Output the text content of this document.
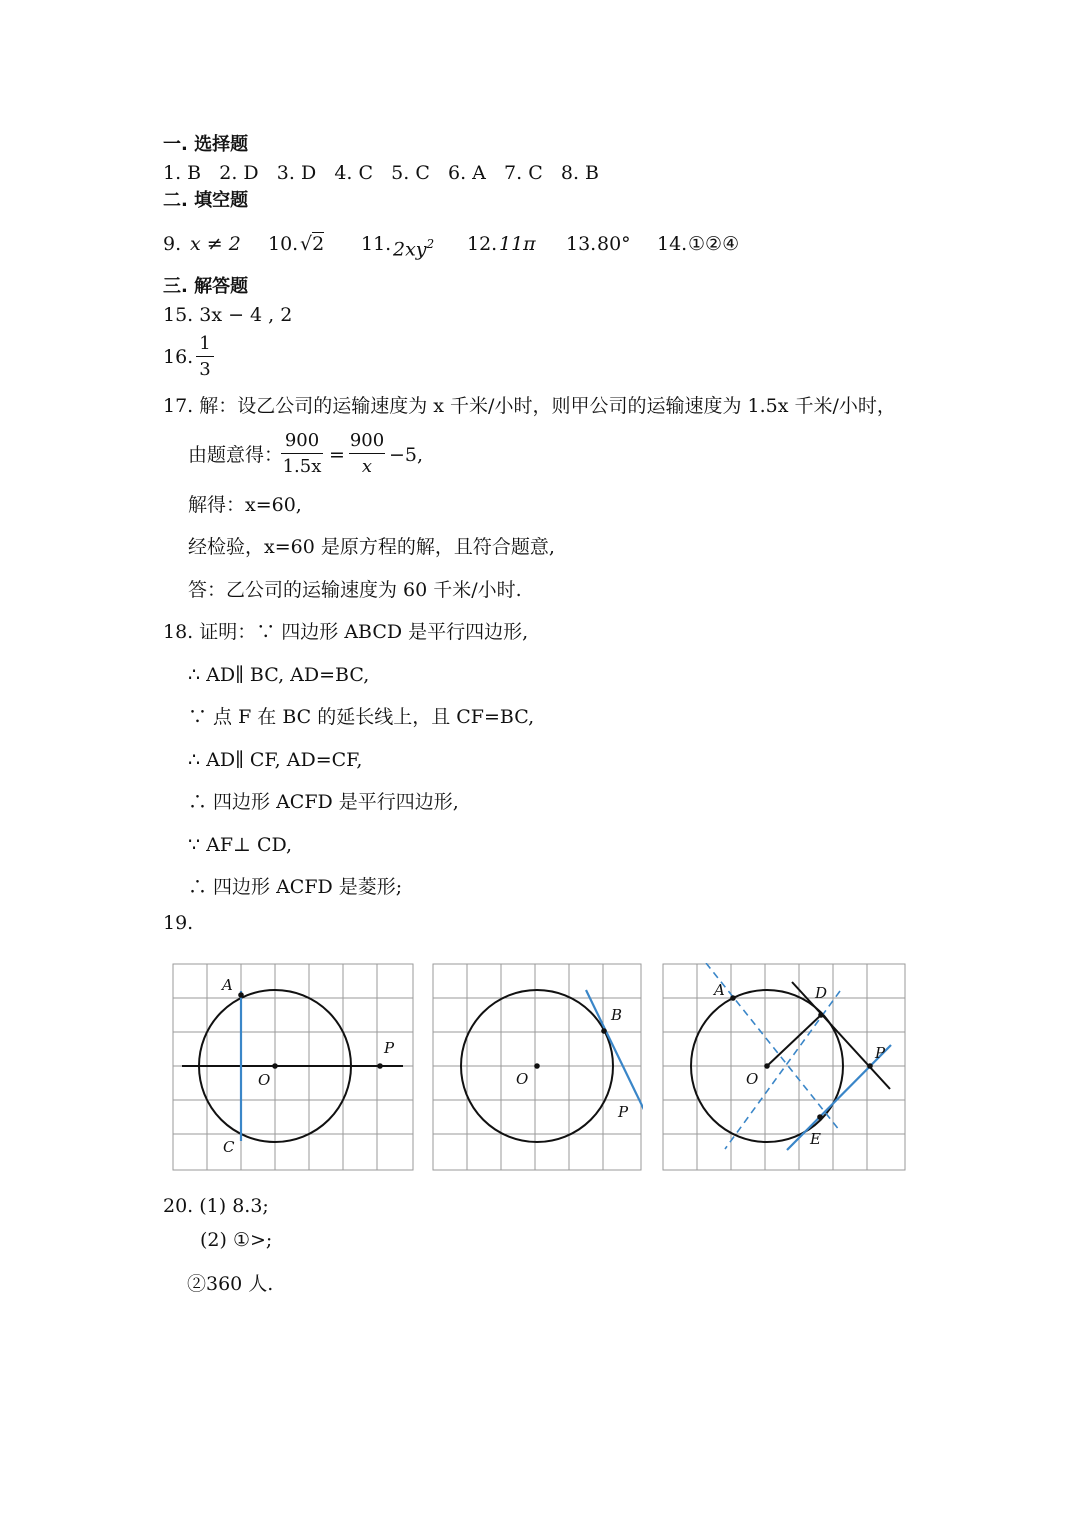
一. 选择题
1. B 2. D 3. D 4. C 5. C 6. A 7. C 8. B
二. 填空题
9. x ≠ 2 10. √2 11. $2xy^2$ 12. 11π 13. 80° 14. ①②④
三. 解答题
15. 3x − 4 , 2
16.
1
3
17. 解：设乙公司的运输速度为 x 千米/小时，则甲公司的运输速度为 1.5x 千米/小时，
由题意得：
900
1.5x
=
900
x
−5,
解得：x=60,
经检验，x=60 是原方程的解，且符合题意,
答：乙公司的运输速度为 60 千米/小时.
18. 证明：∵ 四边形 ABCD 是平行四边形,
∴ AD∥ BC, AD=BC,
∵ 点 F 在 BC 的延长线上，且 CF=BC,
∴ AD∥ CF, AD=CF,
∴ 四边形 ACFD 是平行四边形,
∵ AF⊥ CD,
∴ 四边形 ACFD 是菱形;
19.
A
C
O
P
B
O
P
A	D
O
P
E
20. (1) 8.3;
(2) ①>;
②360 人.
